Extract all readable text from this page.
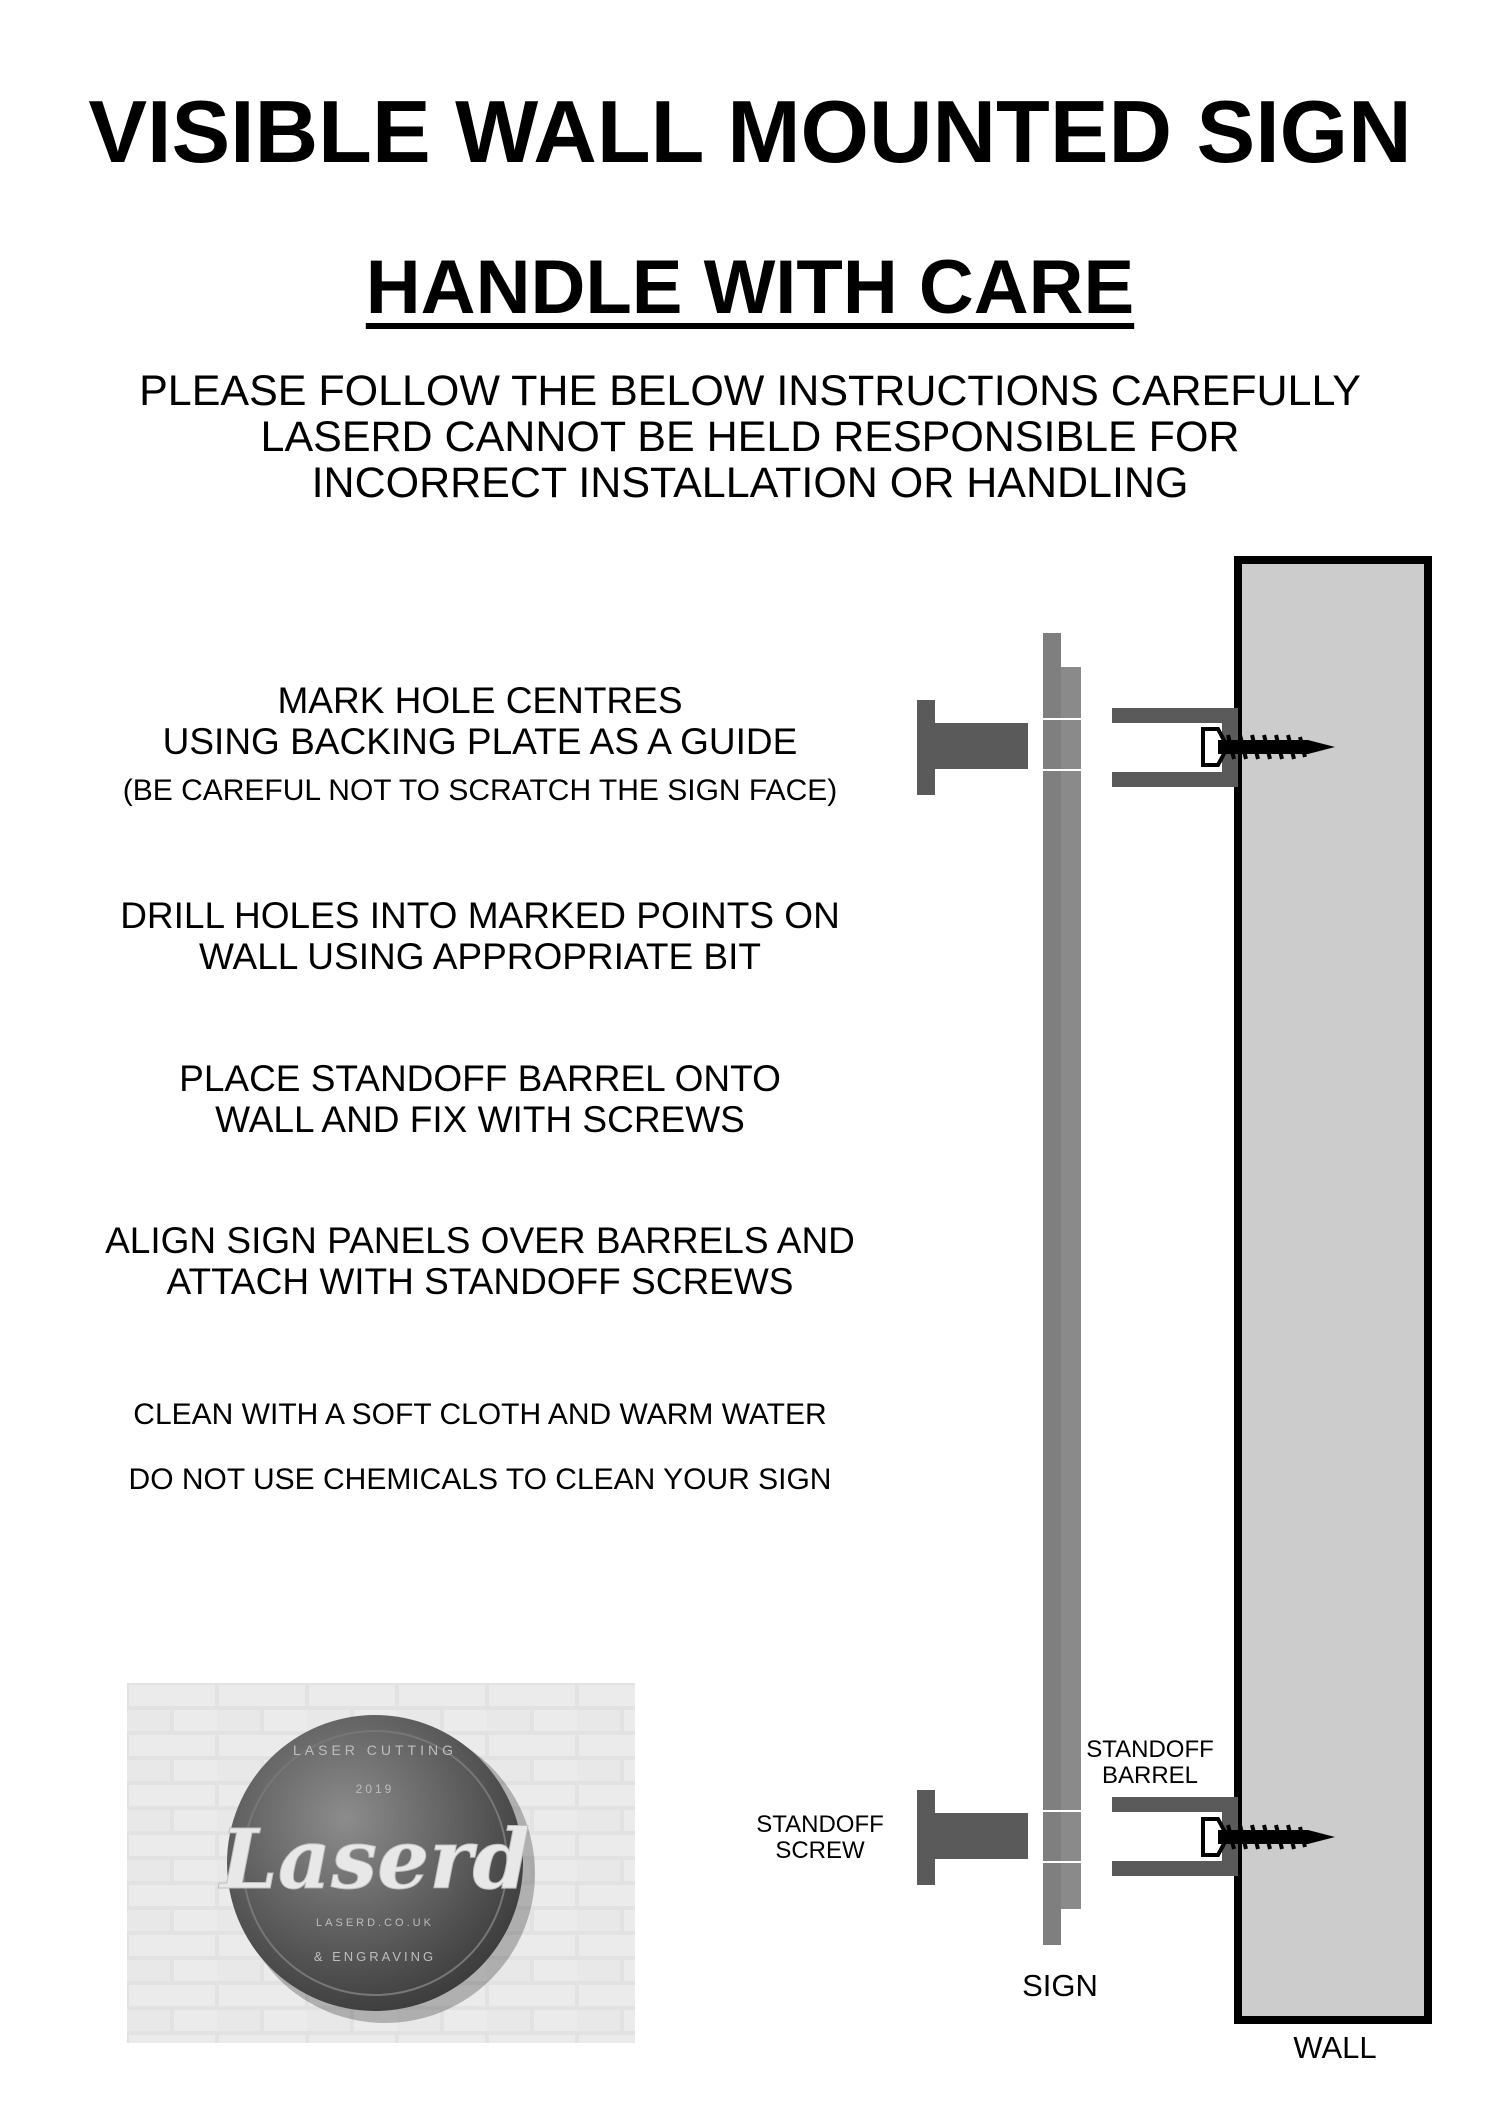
VISIBLE WALL MOUNTED SIGN
HANDLE WITH CARE
PLEASE FOLLOW THE BELOW INSTRUCTIONS CAREFULLY
LASERD CANNOT BE HELD RESPONSIBLE FOR
INCORRECT INSTALLATION OR HANDLING
MARK HOLE CENTRES
USING BACKING PLATE AS A GUIDE
(BE CAREFUL NOT TO SCRATCH THE SIGN FACE)
DRILL HOLES INTO MARKED POINTS ON
WALL USING APPROPRIATE BIT
PLACE STANDOFF BARREL ONTO
WALL AND FIX WITH SCREWS
ALIGN SIGN PANELS OVER BARRELS AND
ATTACH WITH STANDOFF SCREWS
CLEAN WITH A SOFT CLOTH AND WARM WATER
DO NOT USE CHEMICALS TO CLEAN YOUR SIGN
LASER CUTTING
2019
Laserd
LASERD.CO.UK
& ENGRAVING
STANDOFF
BARREL
STANDOFF
SCREW
SIGN
WALL
